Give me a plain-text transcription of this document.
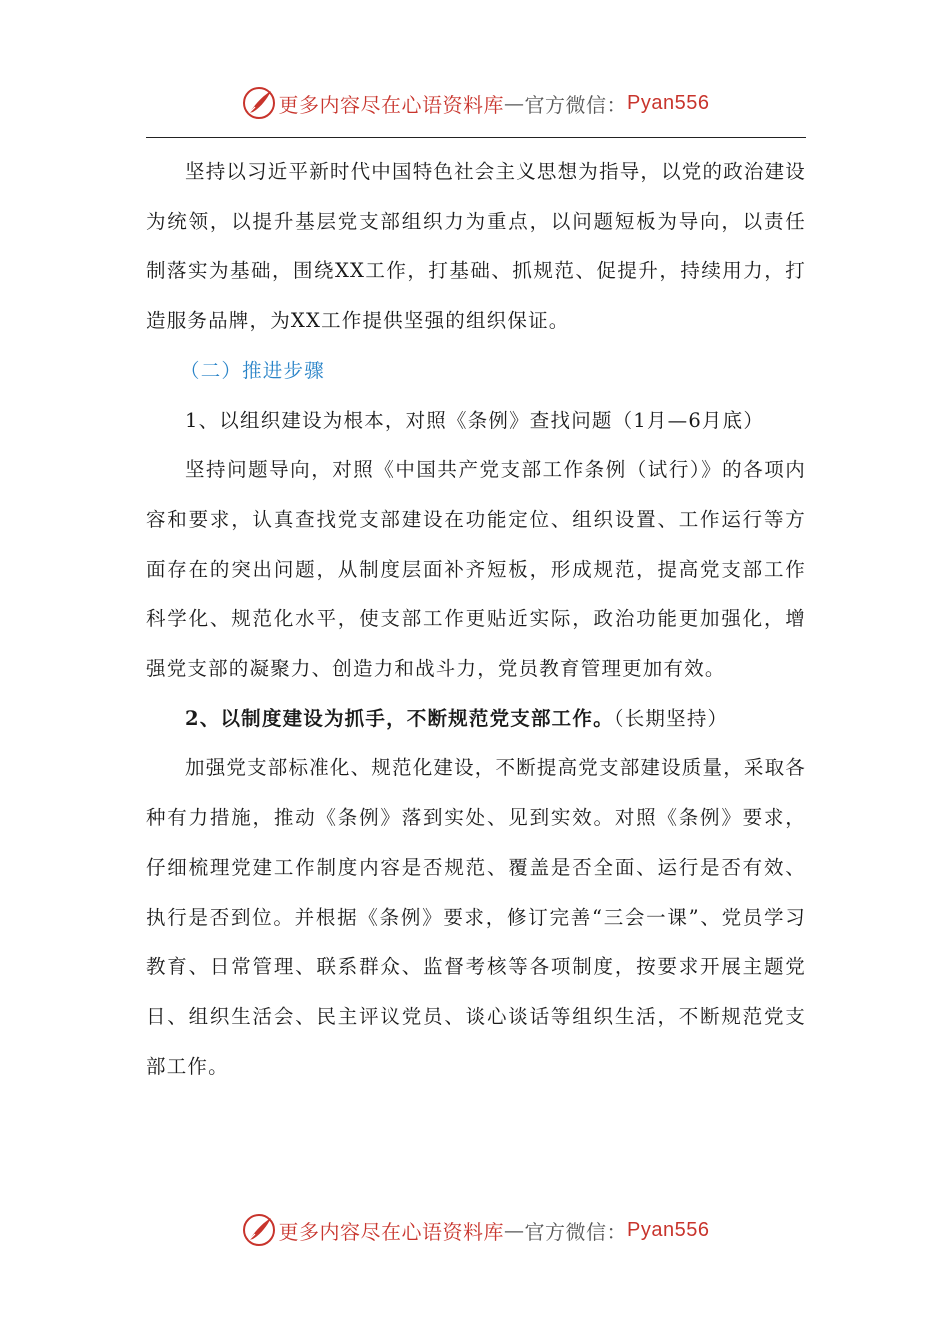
更多内容尽在心语资料库 — 官方微信： Pyan556

坚持以习近平新时代中国特色社会主义思想为指导，以党的政治建设为统领，以提升基层党支部组织力为重点，以问题短板为导向，以责任制落实为基础，围绕XX工作，打基础、抓规范、促提升，持续用力，打造服务品牌，为XX工作提供坚强的组织保证。

（二）推进步骤

1、以组织建设为根本，对照《条例》查找问题（1月—6月底）

坚持问题导向，对照《中国共产党支部工作条例（试行）》的各项内容和要求，认真查找党支部建设在功能定位、组织设置、工作运行等方面存在的突出问题，从制度层面补齐短板，形成规范，提高党支部工作科学化、规范化水平，使支部工作更贴近实际，政治功能更加强化，增强党支部的凝聚力、创造力和战斗力，党员教育管理更加有效。

2、以制度建设为抓手，不断规范党支部工作。（长期坚持）

加强党支部标准化、规范化建设，不断提高党支部建设质量，采取各种有力措施，推动《条例》落到实处、见到实效。对照《条例》要求，仔细梳理党建工作制度内容是否规范、覆盖是否全面、运行是否有效、执行是否到位。并根据《条例》要求，修订完善“三会一课”、党员学习教育、日常管理、联系群众、监督考核等各项制度，按要求开展主题党日、组织生活会、民主评议党员、谈心谈话等组织生活，不断规范党支部工作。

更多内容尽在心语资料库 — 官方微信： Pyan556
